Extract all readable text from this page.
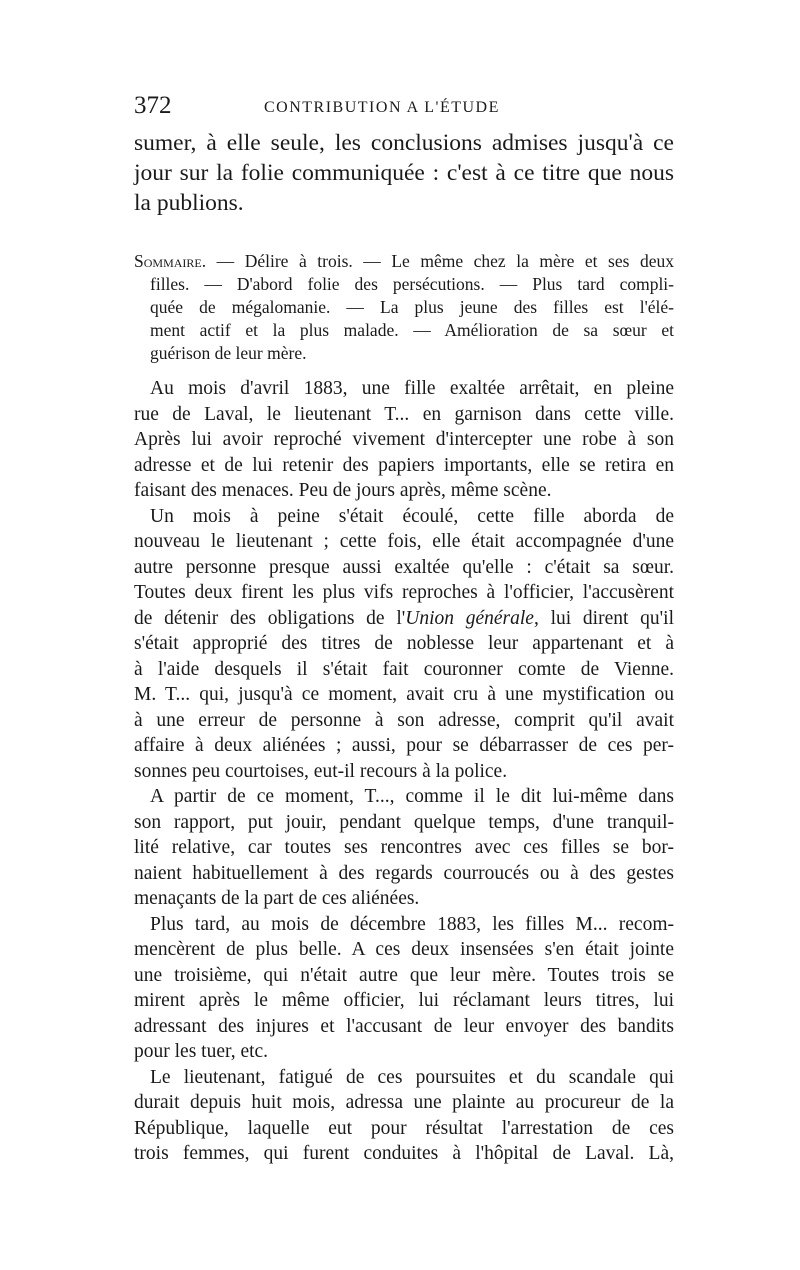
372	CONTRIBUTION A L'ÉTUDE
sumer, à elle seule, les conclusions admises jusqu'à ce
jour sur la folie communiquée : c'est à ce titre que nous
la publions.
Sommaire. — Délire à trois. — Le même chez la mère et ses deux
filles. — D'abord folie des persécutions. — Plus tard compli-
quée de mégalomanie. — La plus jeune des filles est l'élé-
ment actif et la plus malade. — Amélioration de sa sœur et
guérison de leur mère.
Au mois d'avril 1883, une fille exaltée arrêtait, en pleine
rue de Laval, le lieutenant T... en garnison dans cette ville.
Après lui avoir reproché vivement d'intercepter une robe à son
adresse et de lui retenir des papiers importants, elle se retira en
faisant des menaces. Peu de jours après, même scène.
Un mois à peine s'était écoulé, cette fille aborda de
nouveau le lieutenant ; cette fois, elle était accompagnée d'une
autre personne presque aussi exaltée qu'elle : c'était sa sœur.
Toutes deux firent les plus vifs reproches à l'officier, l'accusèrent
de détenir des obligations de l'Union générale, lui dirent qu'il
s'était approprié des titres de noblesse leur appartenant et à
à l'aide desquels il s'était fait couronner comte de Vienne.
M. T... qui, jusqu'à ce moment, avait cru à une mystification ou
à une erreur de personne à son adresse, comprit qu'il avait
affaire à deux aliénées ; aussi, pour se débarrasser de ces per-
sonnes peu courtoises, eut-il recours à la police.
A partir de ce moment, T..., comme il le dit lui-même dans
son rapport, put jouir, pendant quelque temps, d'une tranquil-
lité relative, car toutes ses rencontres avec ces filles se bor-
naient habituellement à des regards courroucés ou à des gestes
menaçants de la part de ces aliénées.
Plus tard, au mois de décembre 1883, les filles M... recom-
mencèrent de plus belle. A ces deux insensées s'en était jointe
une troisième, qui n'était autre que leur mère. Toutes trois se
mirent après le même officier, lui réclamant leurs titres, lui
adressant des injures et l'accusant de leur envoyer des bandits
pour les tuer, etc.
Le lieutenant, fatigué de ces poursuites et du scandale qui
durait depuis huit mois, adressa une plainte au procureur de la
République, laquelle eut pour résultat l'arrestation de ces
trois femmes, qui furent conduites à l'hôpital de Laval. Là,
